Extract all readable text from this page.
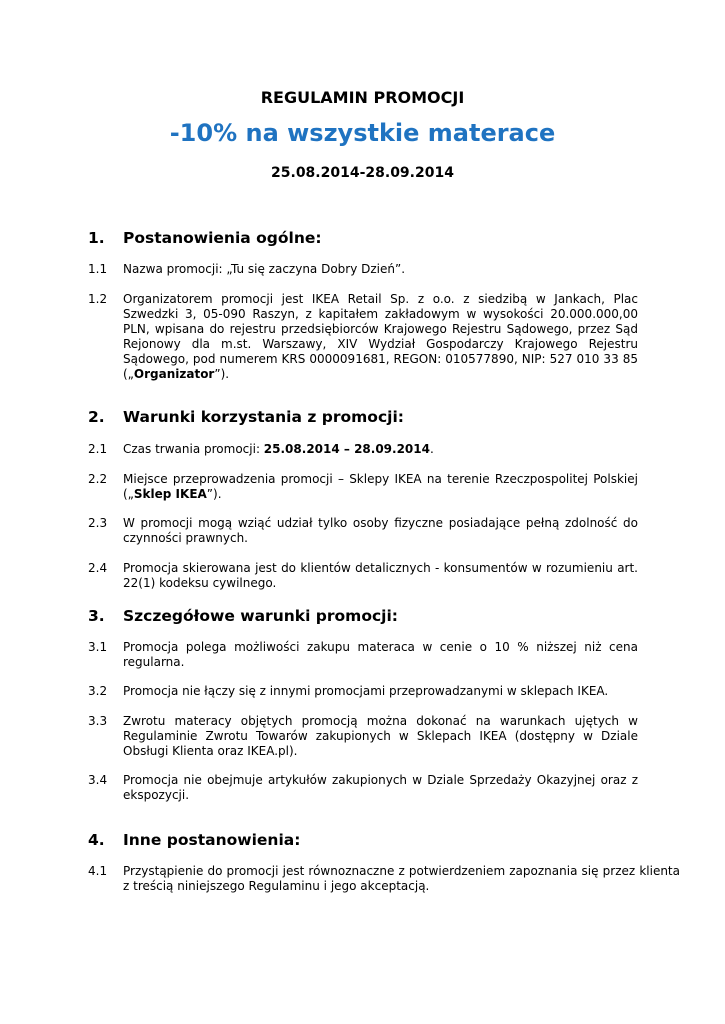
REGULAMIN PROMOCJI
-10% na wszystkie materace

25.08.2014-28.09.2014

1. Postanowienia ogólne:
1.1 Nazwa promocji: „Tu się zaczyna Dobry Dzień”.
1.2 Organizatorem promocji jest IKEA Retail Sp. z o.o. z siedzibą w Jankach, Plac Szwedzki 3, 05-090 Raszyn, z kapitałem zakładowym w wysokości 20.000.000,00 PLN, wpisana do rejestru przedsiębiorców Krajowego Rejestru Sądowego, przez Sąd Rejonowy dla m.st. Warszawy, XIV Wydział Gospodarczy Krajowego Rejestru Sądowego, pod numerem KRS 0000091681, REGON: 010577890, NIP: 527 010 33 85 („Organizator”).
2. Warunki korzystania z promocji:
2.1 Czas trwania promocji: 25.08.2014 – 28.09.2014.
2.2 Miejsce przeprowadzenia promocji – Sklepy IKEA na terenie Rzeczpospolitej Polskiej („Sklep IKEA”).
2.3 W promocji mogą wziąć udział tylko osoby fizyczne posiadające pełną zdolność do czynności prawnych.
2.4 Promocja skierowana jest do klientów detalicznych - konsumentów w rozumieniu art. 22(1) kodeksu cywilnego.
3. Szczegółowe warunki promocji:
3.1 Promocja polega możliwości zakupu materaca w cenie o 10 % niższej niż cena regularna.
3.2 Promocja nie łączy się z innymi promocjami przeprowadzanymi w sklepach IKEA.
3.3 Zwrotu materacy objętych promocją można dokonać na warunkach ujętych w Regulaminie Zwrotu Towarów zakupionych w Sklepach IKEA (dostępny w Dziale Obsługi Klienta oraz IKEA.pl).
3.4 Promocja nie obejmuje artykułów zakupionych w Dziale Sprzedaży Okazyjnej oraz z ekspozycji.
4. Inne postanowienia:
4.1 Przystąpienie do promocji jest równoznaczne z potwierdzeniem zapoznania się przez klienta z treścią niniejszego Regulaminu i jego akceptacją.
